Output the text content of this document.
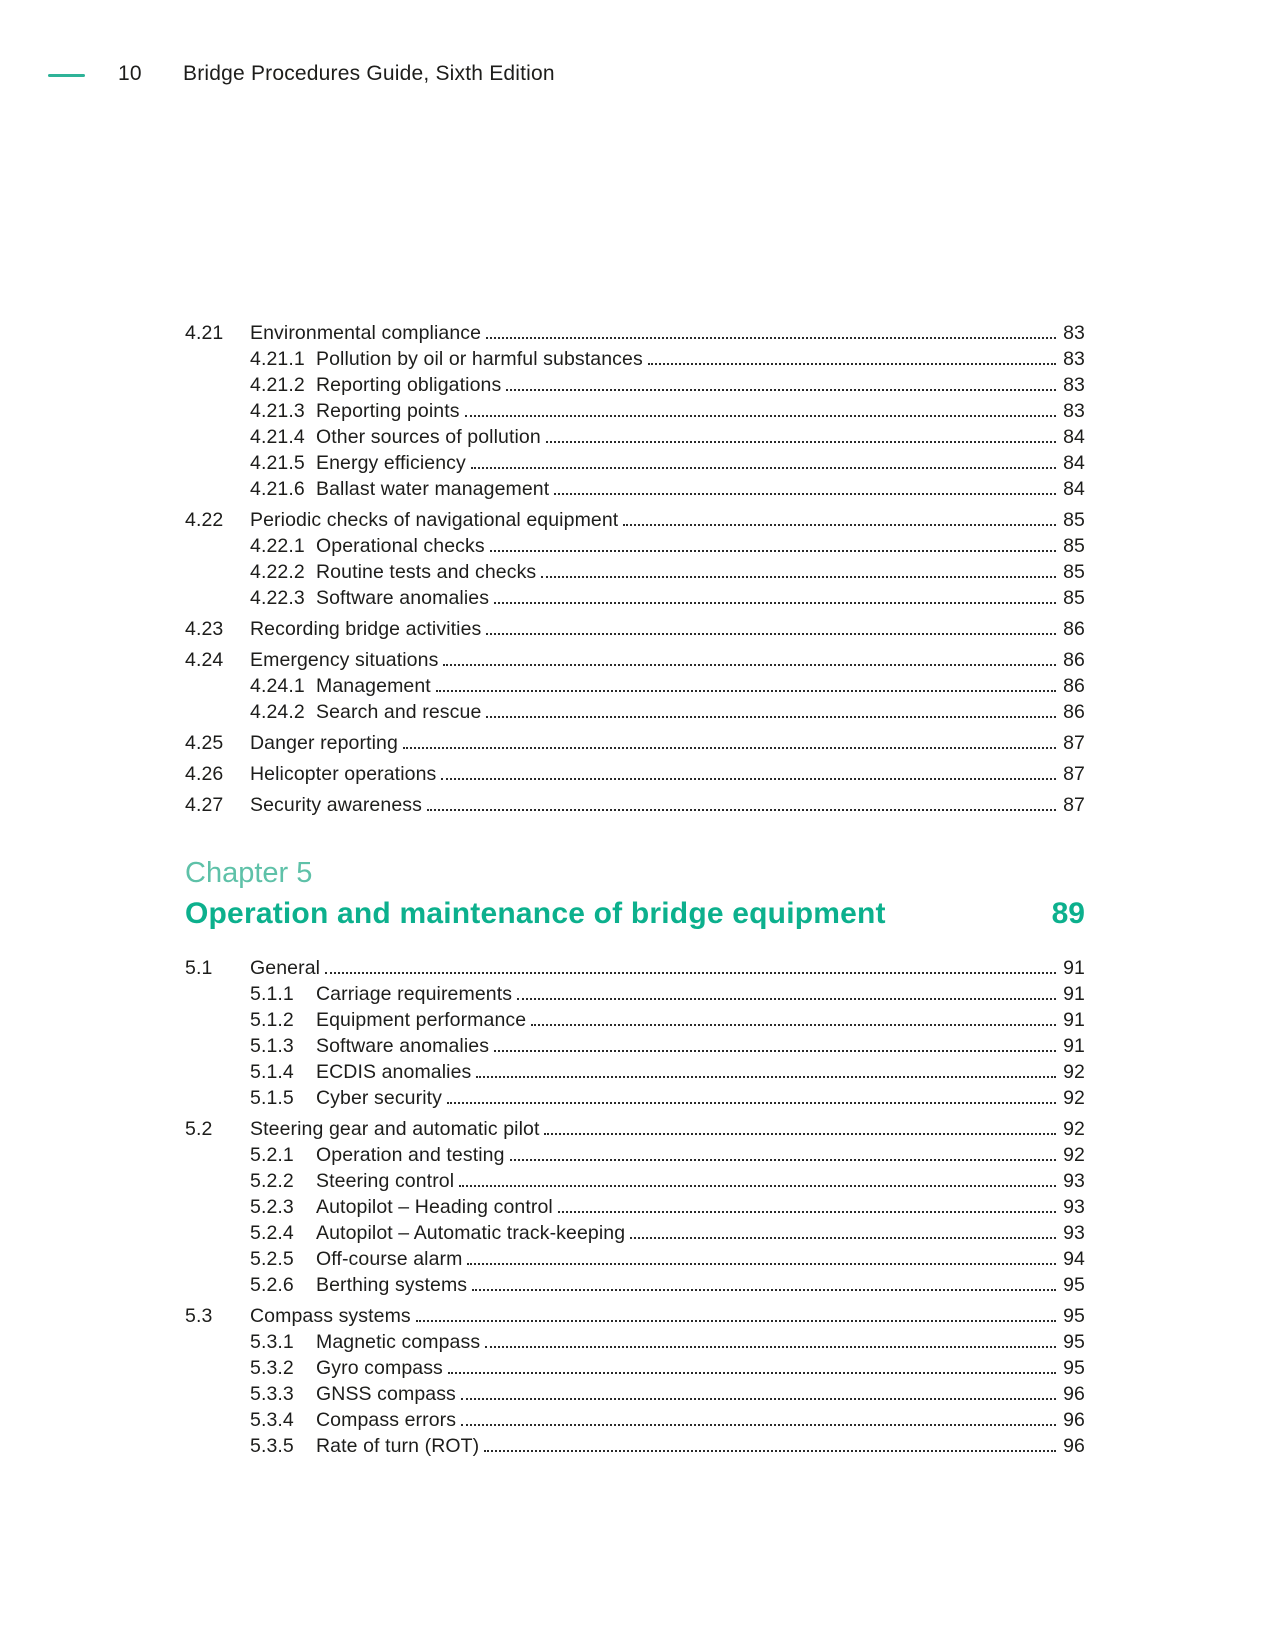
10	Bridge Procedures Guide, Sixth Edition
4.21	Environmental compliance	83
4.21.1 Pollution by oil or harmful substances	83
4.21.2 Reporting obligations	83
4.21.3 Reporting points	83
4.21.4 Other sources of pollution	84
4.21.5 Energy efficiency	84
4.21.6 Ballast water management	84
4.22	Periodic checks of navigational equipment	85
4.22.1 Operational checks	85
4.22.2 Routine tests and checks	85
4.22.3 Software anomalies	85
4.23	Recording bridge activities	86
4.24	Emergency situations	86
4.24.1 Management	86
4.24.2 Search and rescue	86
4.25	Danger reporting	87
4.26	Helicopter operations	87
4.27	Security awareness	87
Chapter 5
Operation and maintenance of bridge equipment	89
5.1	General	91
5.1.1	Carriage requirements	91
5.1.2	Equipment performance	91
5.1.3	Software anomalies	91
5.1.4	ECDIS anomalies	92
5.1.5	Cyber security	92
5.2	Steering gear and automatic pilot	92
5.2.1	Operation and testing	92
5.2.2	Steering control	93
5.2.3	Autopilot – Heading control	93
5.2.4	Autopilot – Automatic track-keeping	93
5.2.5	Off-course alarm	94
5.2.6	Berthing systems	95
5.3	Compass systems	95
5.3.1	Magnetic compass	95
5.3.2	Gyro compass	95
5.3.3	GNSS compass	96
5.3.4	Compass errors	96
5.3.5	Rate of turn (ROT)	96
